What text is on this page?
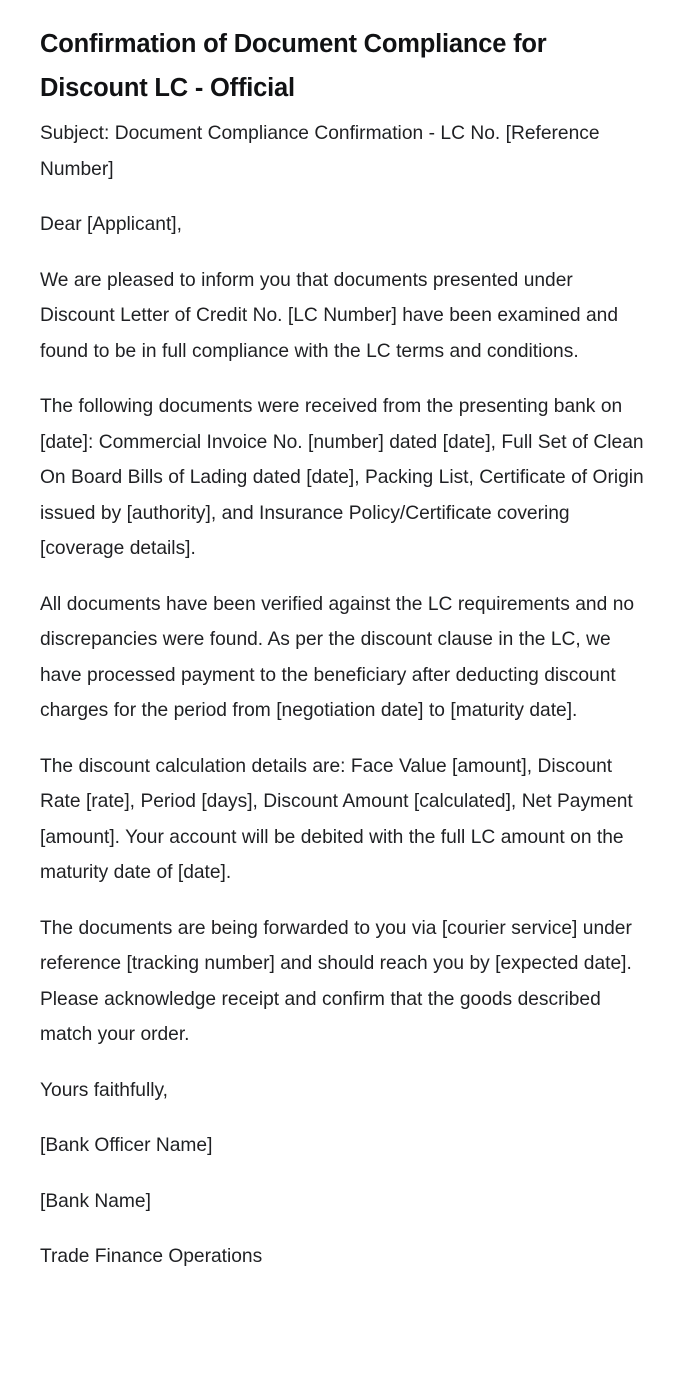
Confirmation of Document Compliance for Discount LC - Official

Subject: Document Compliance Confirmation - LC No. [Reference Number]

Dear [Applicant],

We are pleased to inform you that documents presented under Discount Letter of Credit No. [LC Number] have been examined and found to be in full compliance with the LC terms and conditions.

The following documents were received from the presenting bank on [date]: Commercial Invoice No. [number] dated [date], Full Set of Clean On Board Bills of Lading dated [date], Packing List, Certificate of Origin issued by [authority], and Insurance Policy/Certificate covering [coverage details].

All documents have been verified against the LC requirements and no discrepancies were found. As per the discount clause in the LC, we have processed payment to the beneficiary after deducting discount charges for the period from [negotiation date] to [maturity date].

The discount calculation details are: Face Value [amount], Discount Rate [rate], Period [days], Discount Amount [calculated], Net Payment [amount]. Your account will be debited with the full LC amount on the maturity date of [date].

The documents are being forwarded to you via [courier service] under reference [tracking number] and should reach you by [expected date]. Please acknowledge receipt and confirm that the goods described match your order.

Yours faithfully,

[Bank Officer Name]

[Bank Name]

Trade Finance Operations
